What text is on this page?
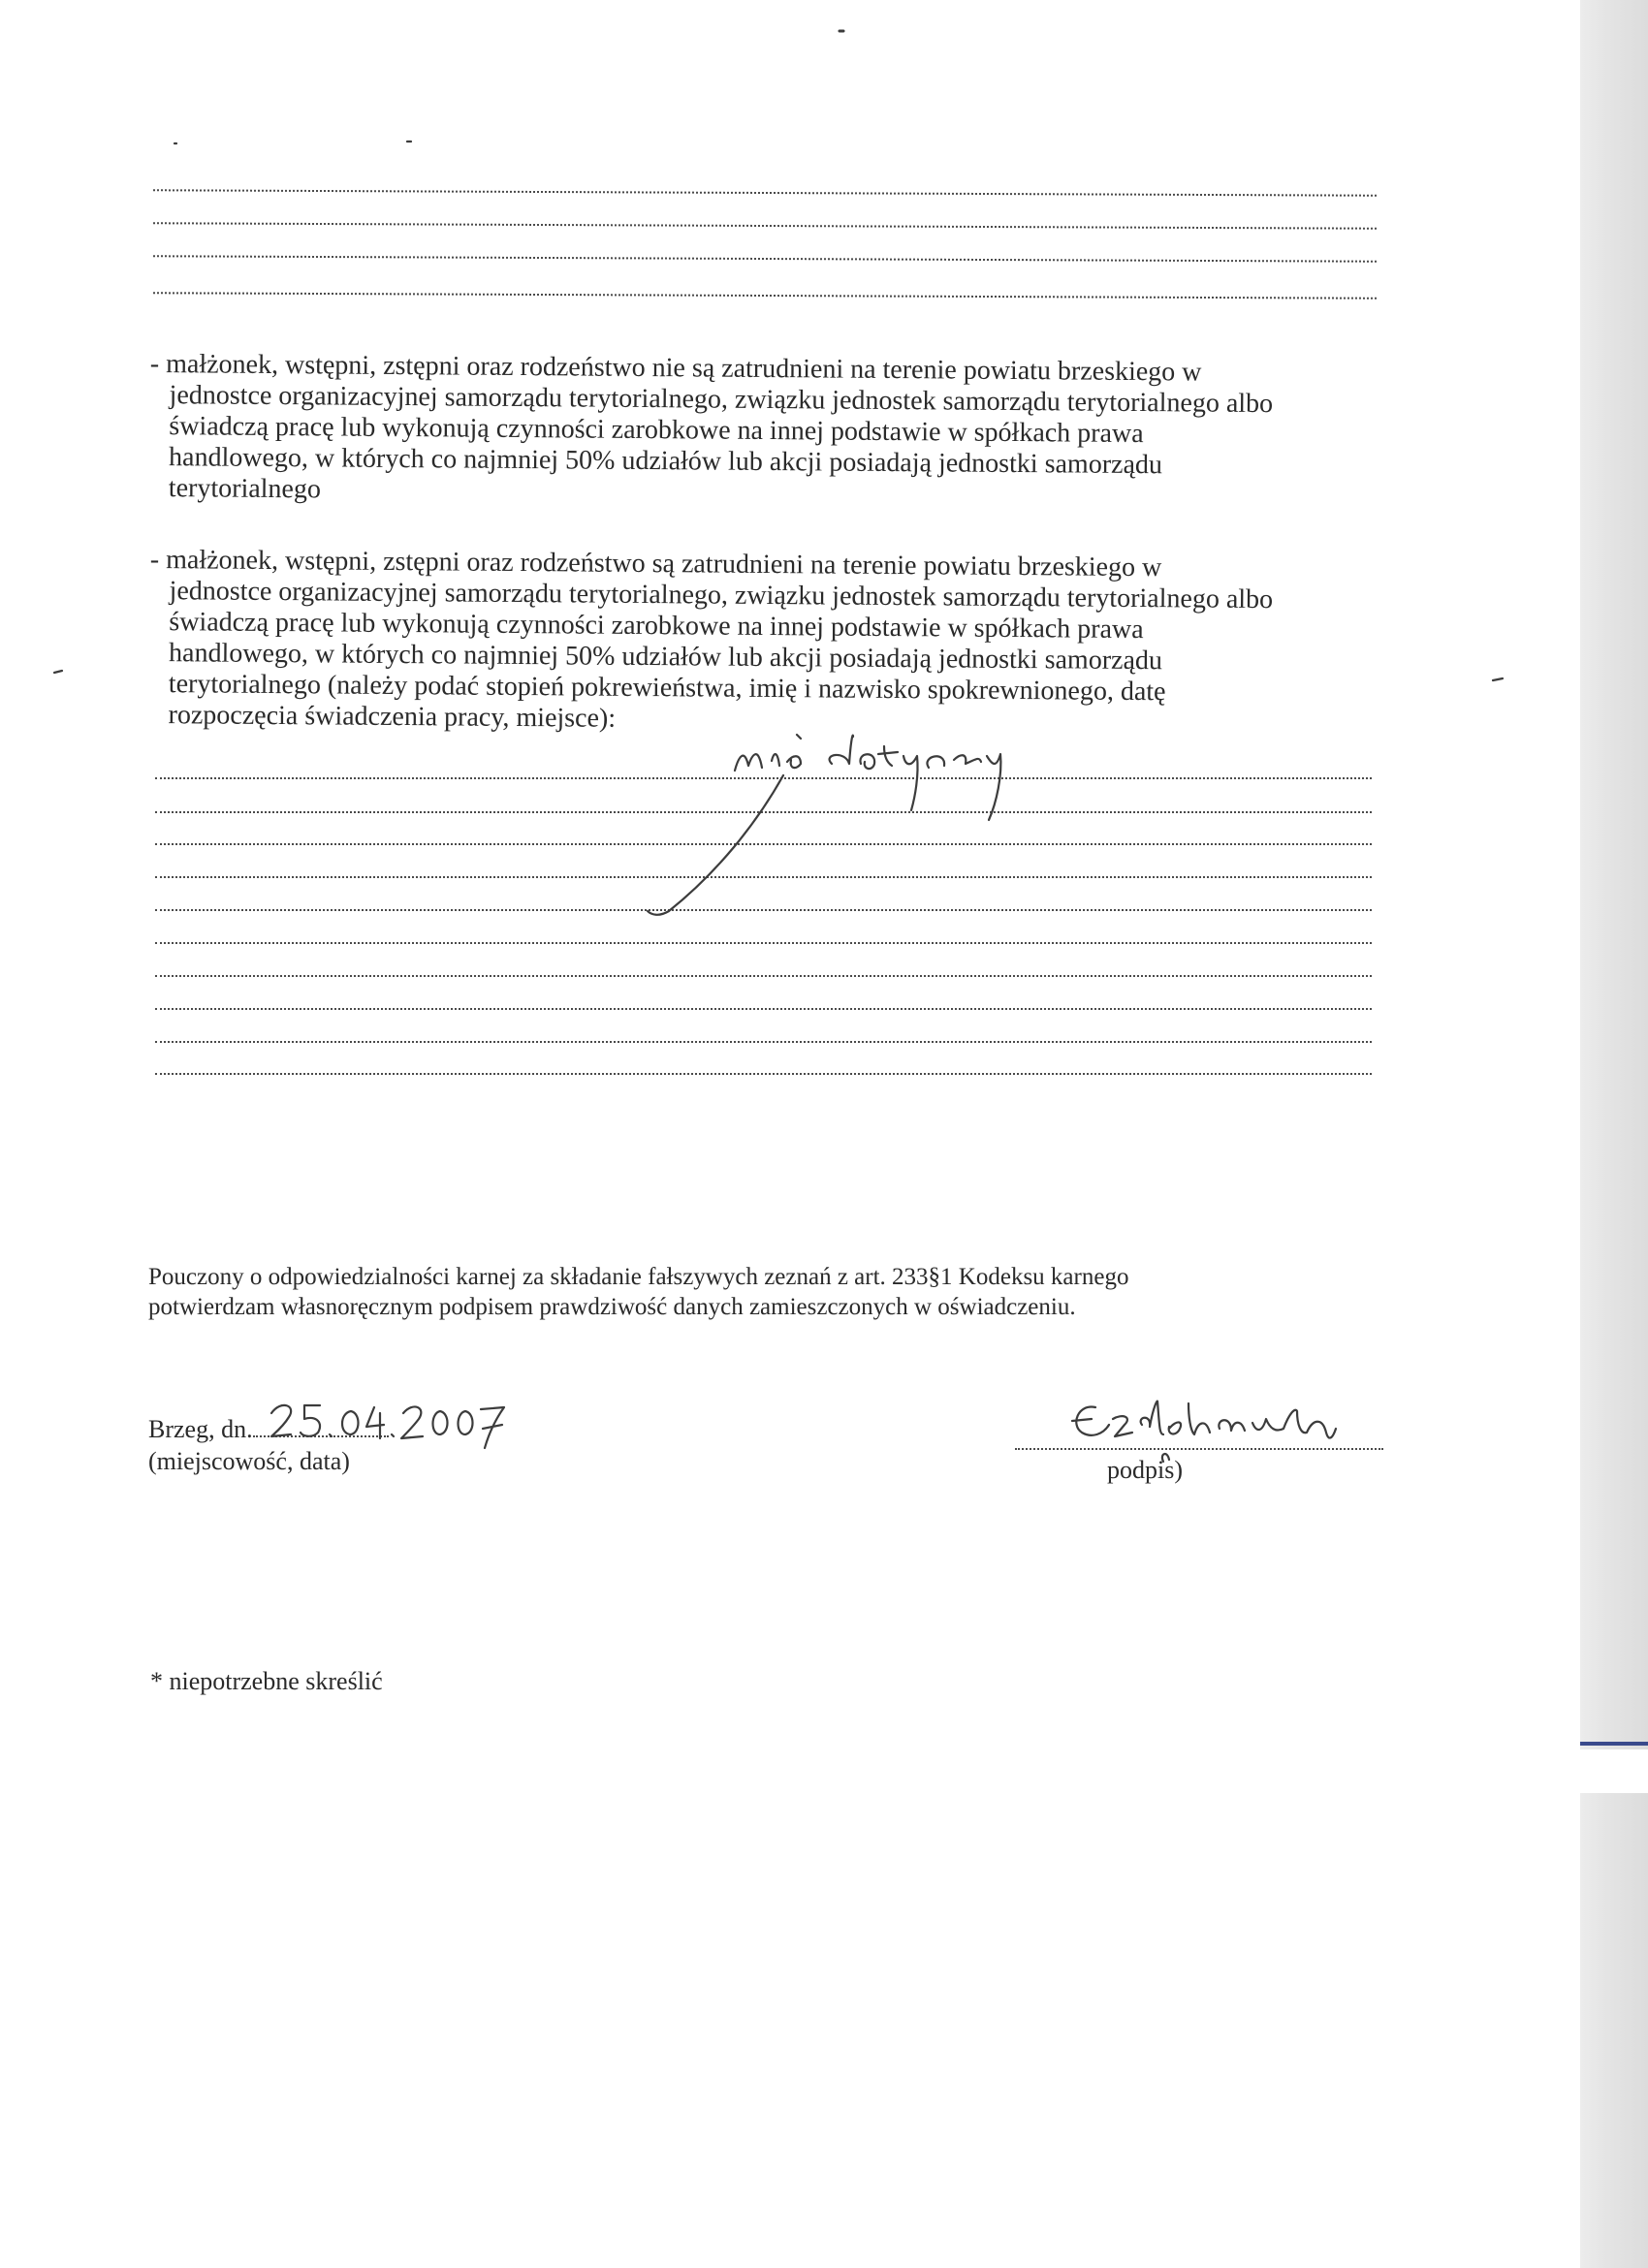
- małżonek, wstępni, zstępni oraz rodzeństwo nie są zatrudnieni na terenie powiatu brzeskiego w
jednostce organizacyjnej samorządu terytorialnego, związku jednostek samorządu terytorialnego albo
świadczą pracę lub wykonują czynności zarobkowe na innej podstawie w spółkach prawa
handlowego, w których co najmniej 50% udziałów lub akcji posiadają jednostki samorządu
terytorialnego
- małżonek, wstępni, zstępni oraz rodzeństwo są zatrudnieni na terenie powiatu brzeskiego w
jednostce organizacyjnej samorządu terytorialnego, związku jednostek samorządu terytorialnego albo
świadczą pracę lub wykonują czynności zarobkowe na innej podstawie w spółkach prawa
handlowego, w których co najmniej 50% udziałów lub akcji posiadają jednostki samorządu
terytorialnego (należy podać stopień pokrewieństwa, imię i nazwisko spokrewnionego, datę
rozpoczęcia świadczenia pracy, miejsce):
Pouczony o odpowiedzialności karnej za składanie fałszywych zeznań z art. 233§1 Kodeksu karnego
potwierdzam własnoręcznym podpisem prawdziwość danych zamieszczonych w oświadczeniu.
Brzeg, dn.
(miejscowość, data)	podpis)
* niepotrzebne skreślić
